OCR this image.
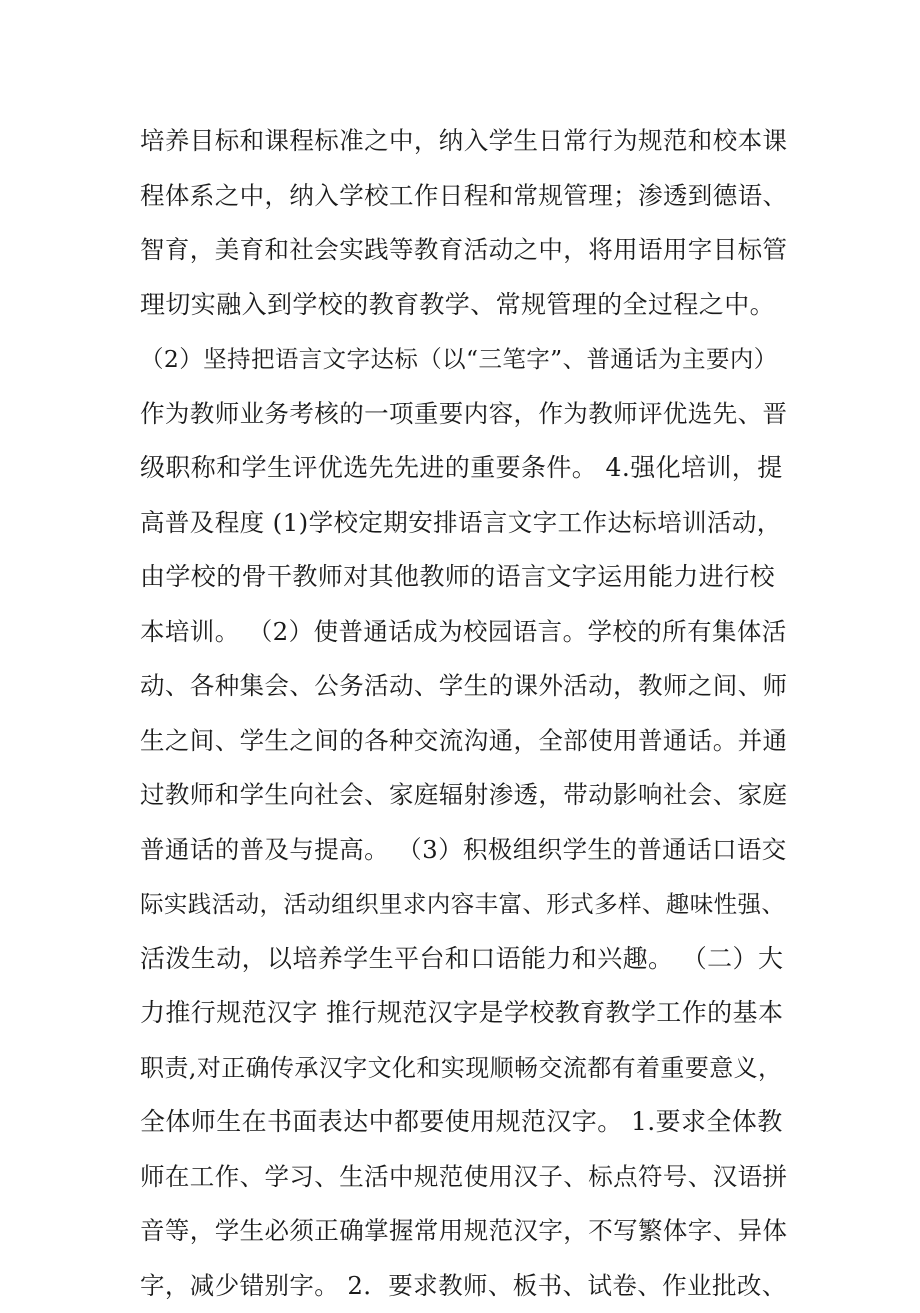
培养目标和课程标准之中，纳入学生日常行为规范和校本课
程体系之中，纳入学校工作日程和常规管理；渗透到德语、
智育，美育和社会实践等教育活动之中，将用语用字目标管
理切实融入到学校的教育教学、常规管理的全过程之中。
（2）坚持把语言文字达标（以“三笔字”、普通话为主要内）
作为教师业务考核的一项重要内容，作为教师评优选先、晋
级职称和学生评优选先先进的重要条件。 4.强化培训，提
高普及程度 (1)学校定期安排语言文字工作达标培训活动，
由学校的骨干教师对其他教师的语言文字运用能力进行校
本培训。 （2）使普通话成为校园语言。学校的所有集体活
动、各种集会、公务活动、学生的课外活动，教师之间、师
生之间、学生之间的各种交流沟通，全部使用普通话。并通
过教师和学生向社会、家庭辐射渗透，带动影响社会、家庭
普通话的普及与提高。 （3）积极组织学生的普通话口语交
际实践活动，活动组织里求内容丰富、形式多样、趣味性强、
活泼生动，以培养学生平台和口语能力和兴趣。 （二）大
力推行规范汉字 推行规范汉字是学校教育教学工作的基本
职责,对正确传承汉字文化和实现顺畅交流都有着重要意义，
全体师生在书面表达中都要使用规范汉字。 1.要求全体教
师在工作、学习、生活中规范使用汉子、标点符号、汉语拼
音等，学生必须正确掌握常用规范汉字，不写繁体字、异体
字，减少错别字。 2．要求教师、板书、试卷、作业批改、
